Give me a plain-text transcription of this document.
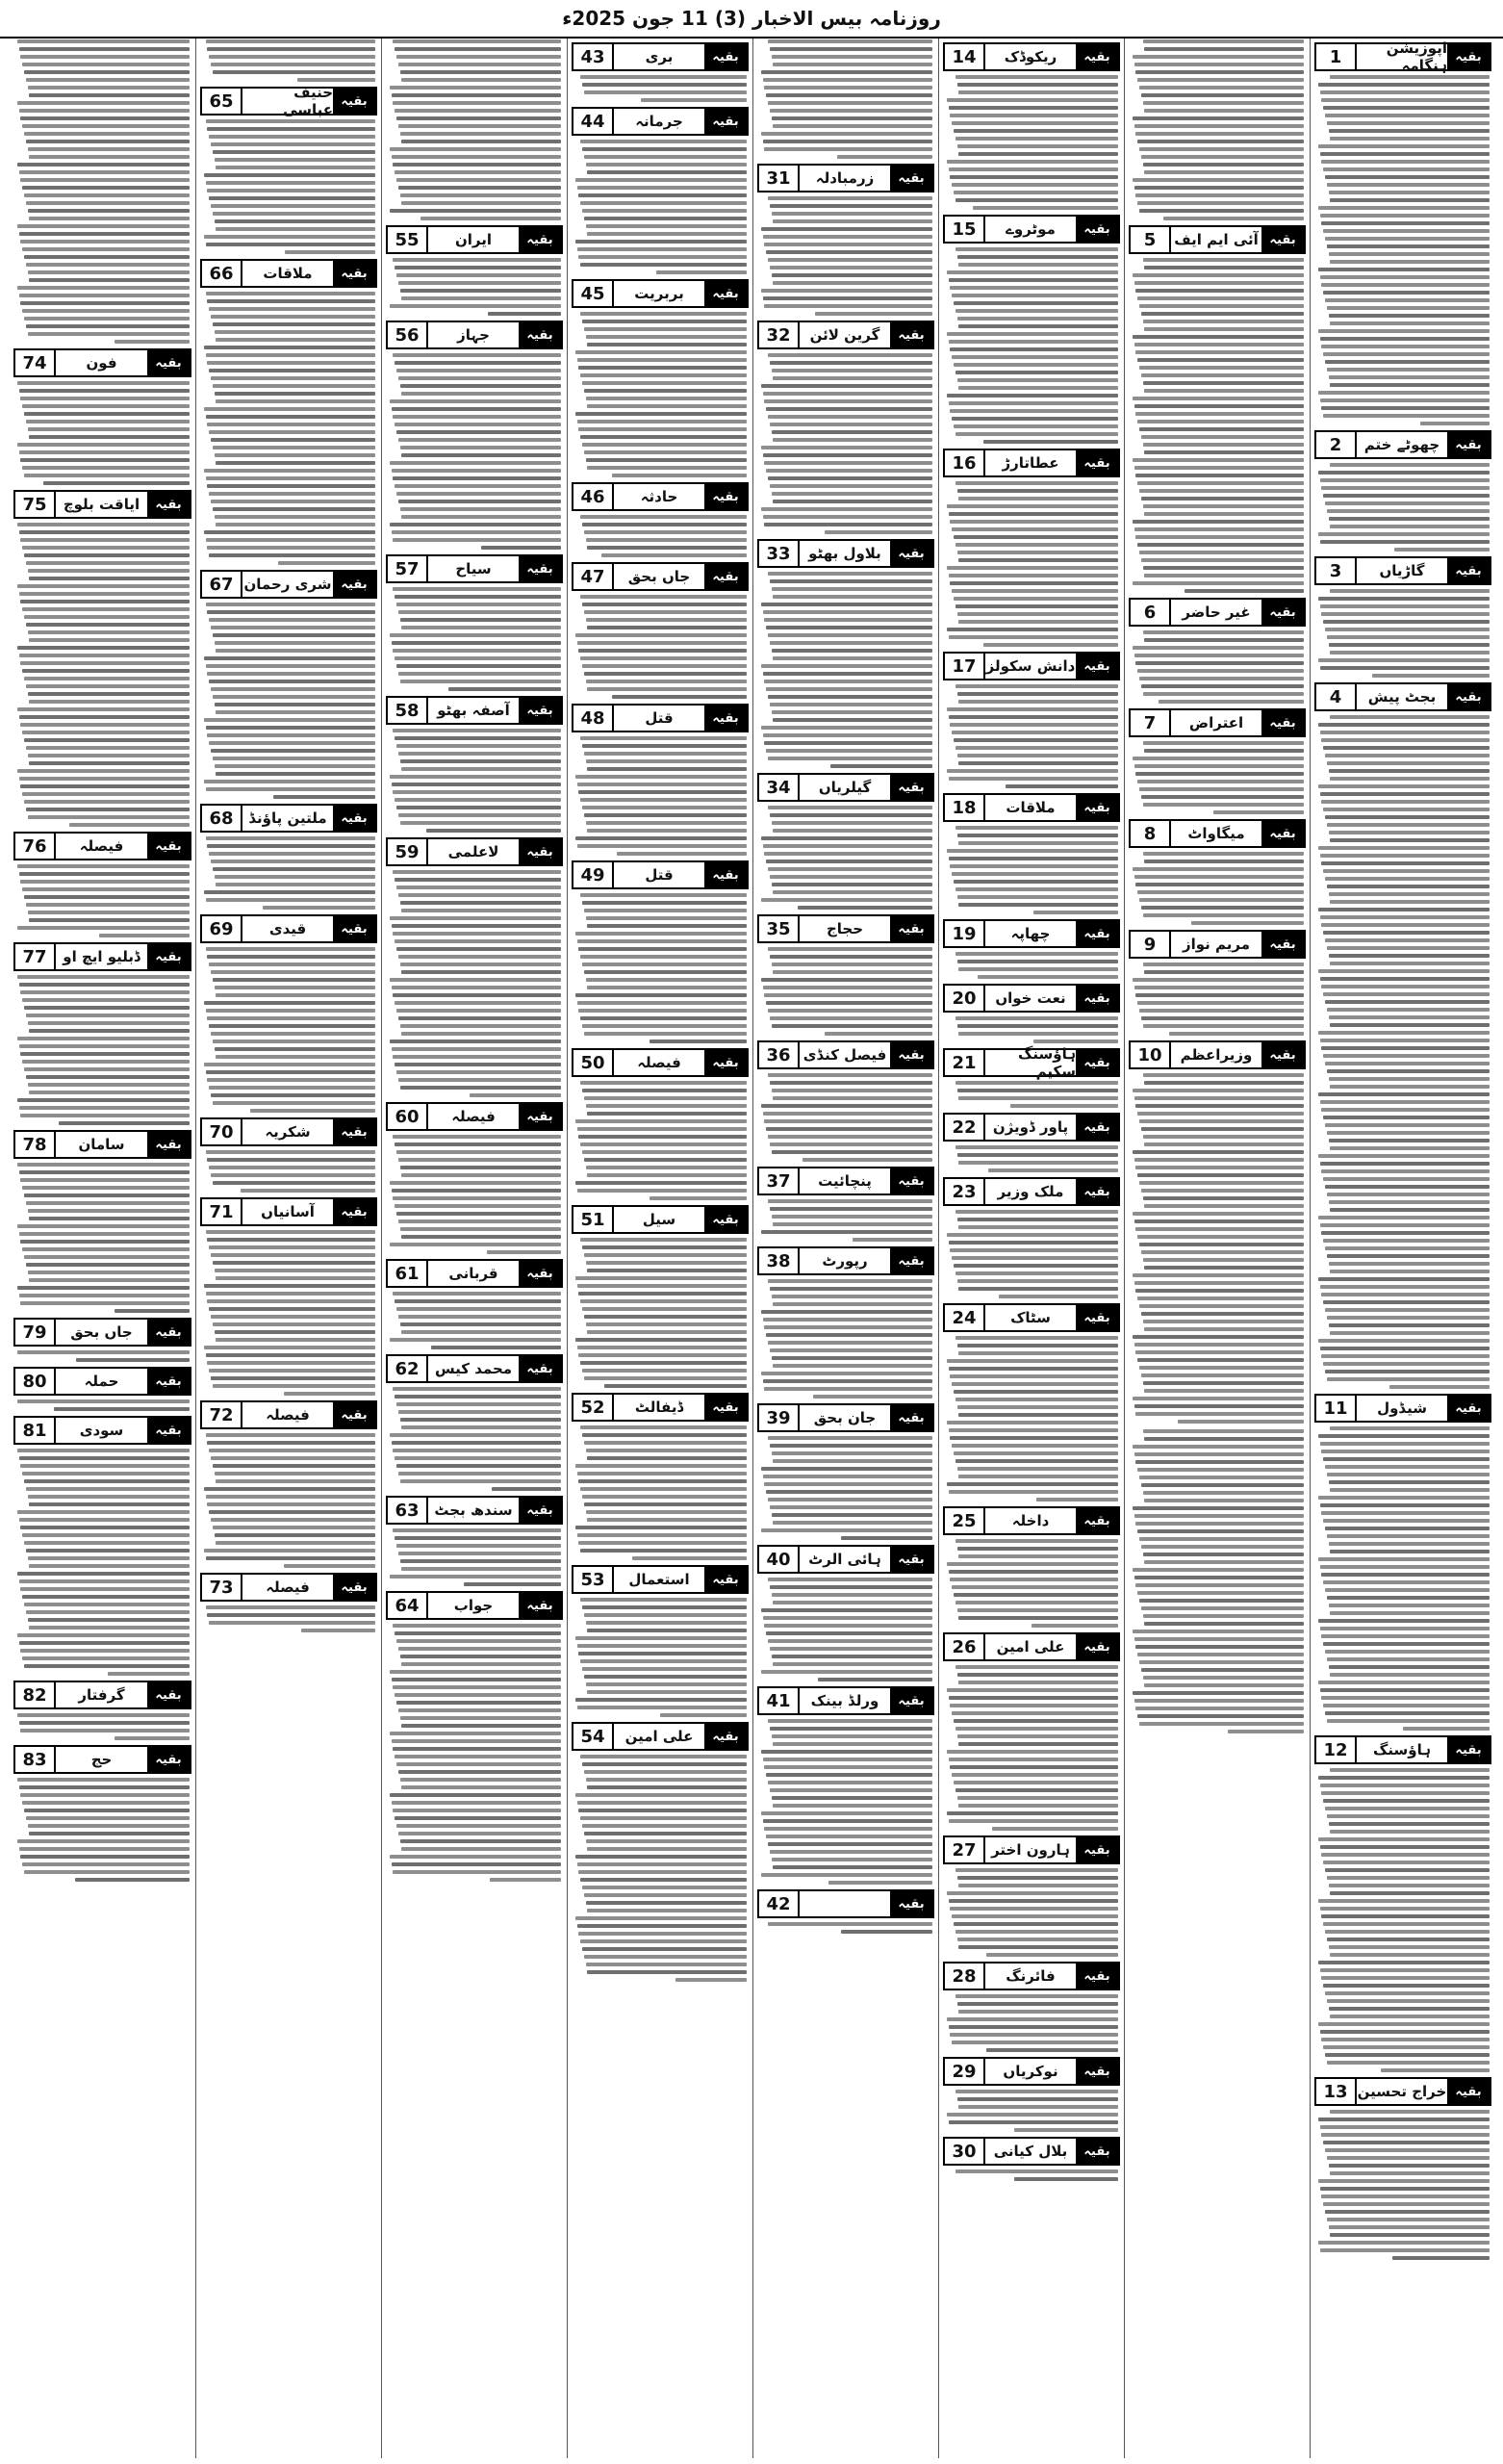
روزنامہ بیس الاخبار (3) 11 جون 2025ء
بقیہ
اپوزیشن ہنگامہ
1
بقیہ
چھوٹے ختم
2
بقیہ
گاڑیاں
3
بقیہ
بجٹ پیش
4
بقیہ
شیڈول
11
بقیہ
ہاؤسنگ
12
بقیہ
خراج تحسین
13
بقیہ
آئی ایم ایف
5
بقیہ
غیر حاضر
6
بقیہ
اعتراض
7
بقیہ
میگاواٹ
8
بقیہ
مریم نواز
9
بقیہ
وزیراعظم
10
بقیہ
ریکوڈک
14
بقیہ
موٹروے
15
بقیہ
عطاتارڑ
16
بقیہ
دانش سکولز
17
بقیہ
ملاقات
18
بقیہ
چھاپہ
19
بقیہ
نعت خواں
20
بقیہ
ہاؤسنگ سکیم
21
بقیہ
پاور ڈویژن
22
بقیہ
ملک وزیر
23
بقیہ
سٹاک
24
بقیہ
داخلہ
25
بقیہ
علی امین
26
بقیہ
ہارون اختر
27
بقیہ
فائرنگ
28
بقیہ
نوکریاں
29
بقیہ
بلال کیانی
30
بقیہ
زرمبادلہ
31
بقیہ
گرین لائن
32
بقیہ
بلاول بھٹو
33
بقیہ
گیلریاں
34
بقیہ
حجاج
35
بقیہ
فیصل کنڈی
36
بقیہ
پنچائیت
37
بقیہ
رپورٹ
38
بقیہ
جان بحق
39
بقیہ
ہائی الرٹ
40
بقیہ
ورلڈ بینک
41
بقیہ
42
بقیہ
بری
43
بقیہ
جرمانہ
44
بقیہ
بربریت
45
بقیہ
حادثہ
46
بقیہ
جاں بحق
47
بقیہ
قتل
48
بقیہ
قتل
49
بقیہ
فیصلہ
50
بقیہ
سیل
51
بقیہ
ڈیفالٹ
52
بقیہ
استعمال
53
بقیہ
علی امین
54
بقیہ
ایران
55
بقیہ
جہاز
56
بقیہ
سیاح
57
بقیہ
آصفہ بھٹو
58
بقیہ
لاعلمی
59
بقیہ
فیصلہ
60
بقیہ
قربانی
61
بقیہ
محمد کیس
62
بقیہ
سندھ بجٹ
63
بقیہ
جواب
64
بقیہ
حنیف عباسی
65
بقیہ
ملاقات
66
بقیہ
شری رحمان
67
بقیہ
ملتین پاؤنڈ
68
بقیہ
قیدی
69
بقیہ
شکریہ
70
بقیہ
آسانیاں
71
بقیہ
فیصلہ
72
بقیہ
فیصلہ
73
بقیہ
فون
74
بقیہ
ایاقت بلوچ
75
بقیہ
فیصلہ
76
بقیہ
ڈبلیو ایچ او
77
بقیہ
سامان
78
بقیہ
جاں بحق
79
بقیہ
حملہ
80
بقیہ
سودی
81
بقیہ
گرفتار
82
بقیہ
حج
83
